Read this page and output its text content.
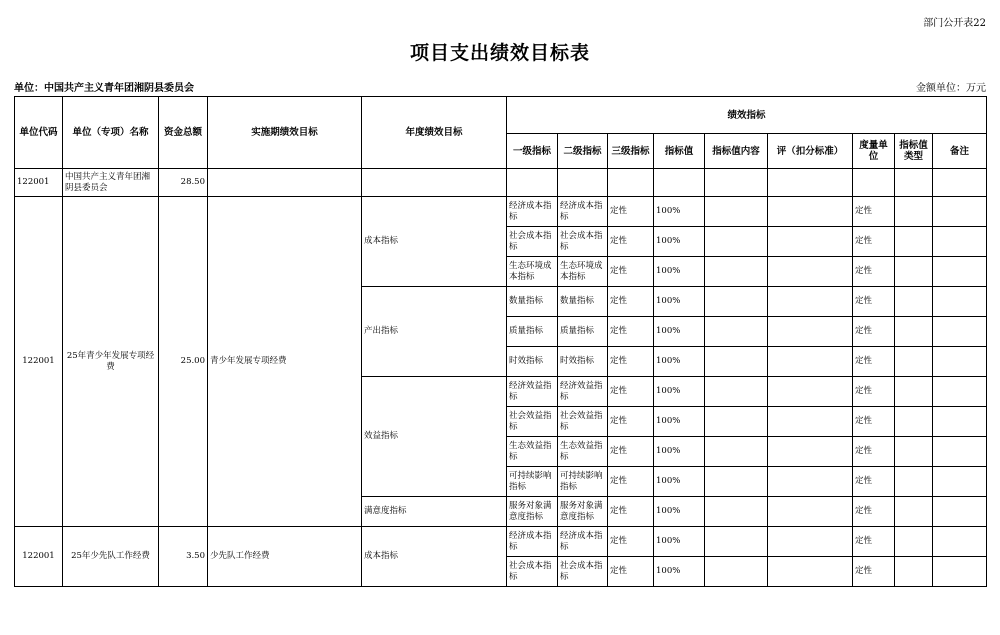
部门公开表22
项目支出绩效目标表
单位：中国共产主义青年团湘阴县委员会	金额单位：万元
单位代码	单位（专项）名称	资金总额	实施期绩效目标	年度绩效目标	绩效指标								
					一级指标	二级指标	三级指标	指标值	指标值内容	评（扣分标准）	度量单位	指标值类型	备注
122001	中国共产主义青年团湘阴县委员会	28.50											
122001	25年青少年发展专项经费	25.00	青少年发展专项经费	成本指标	经济成本指标	经济成本指标	定性	100%			定性		
					社会成本指标	社会成本指标	定性	100%			定性		
					生态环境成本指标	生态环境成本指标	定性	100%			定性		
				产出指标	数量指标	数量指标	定性	100%			定性		
					质量指标	质量指标	定性	100%			定性		
					时效指标	时效指标	定性	100%			定性		
				效益指标	经济效益指标	经济效益指标	定性	100%			定性		
					社会效益指标	社会效益指标	定性	100%			定性		
					生态效益指标	生态效益指标	定性	100%			定性		
					可持续影响指标	可持续影响指标	定性	100%			定性		
				满意度指标	服务对象满意度指标	服务对象满意度指标	定性	100%			定性		
122001	25年少先队工作经费	3.50	少先队工作经费	成本指标	经济成本指标	经济成本指标	定性	100%			定性		
					社会成本指标	社会成本指标	定性	100%			定性		
